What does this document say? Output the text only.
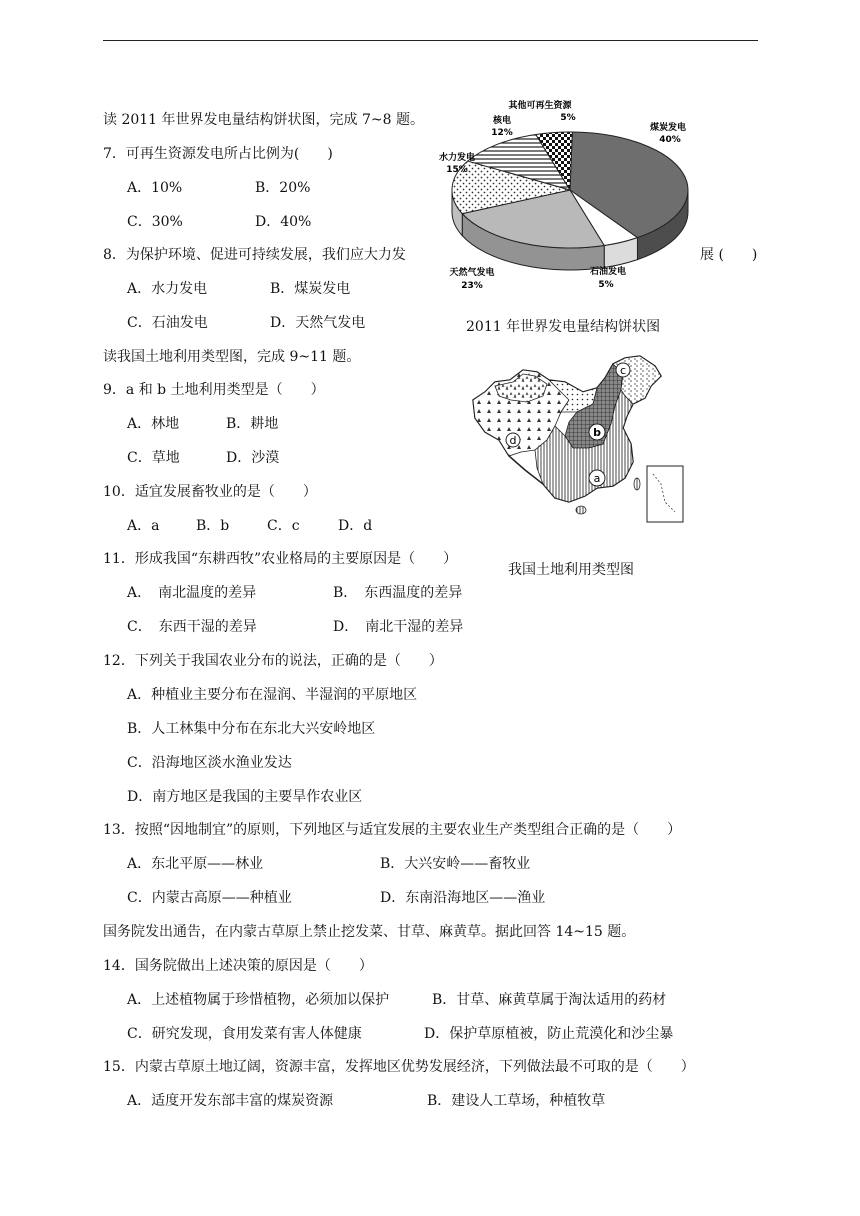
读 2011 年世界发电量结构饼状图，完成 7~8 题。
7．可再生资源发电所占比例为(　　)
A．10%	B．20%
C．30%	D．40%
8．为保护环境、促进可持续发展，我们应大力发	展 (　　)
A．水力发电	B．煤炭发电
C．石油发电	D．天然气发电
其他可再生资源
5%
核电
12%
水力发电
15%
煤炭发电
40%
天然气发电
23%
石油发电
5%
2011 年世界发电量结构饼状图
读我国土地利用类型图，完成 9~11 题。
a
b
c
d
我国土地利用类型图
9．a 和 b 土地利用类型是（　　）
A．林地	B．耕地
C．草地	D．沙漠
10．适宜发展畜牧业的是（　　）
A．a	B．b	C．c	D．d
11．形成我国“东耕西牧”农业格局的主要原因是（　　）
A．　南北温度的差异	B．　东西温度的差异
C．　东西干湿的差异	D．　南北干湿的差异
12．下列关于我国农业分布的说法，正确的是（　　）
A．种植业主要分布在湿润、半湿润的平原地区
B．人工林集中分布在东北大兴安岭地区
C．沿海地区淡水渔业发达
D．南方地区是我国的主要旱作农业区
13．按照“因地制宜”的原则，下列地区与适宜发展的主要农业生产类型组合正确的是（　　）
A．东北平原——林业	B．大兴安岭——畜牧业
C．内蒙古高原——种植业	D．东南沿海地区——渔业
国务院发出通告，在内蒙古草原上禁止挖发菜、甘草、麻黄草。据此回答 14~15 题。
14．国务院做出上述决策的原因是（　　）
A．上述植物属于珍惜植物，必须加以保护	B．甘草、麻黄草属于淘汰适用的药材
C．研究发现，食用发菜有害人体健康	D．保护草原植被，防止荒漠化和沙尘暴
15．内蒙古草原土地辽阔，资源丰富，发挥地区优势发展经济，下列做法最不可取的是（　　）
A．适度开发东部丰富的煤炭资源	B．建设人工草场，种植牧草
